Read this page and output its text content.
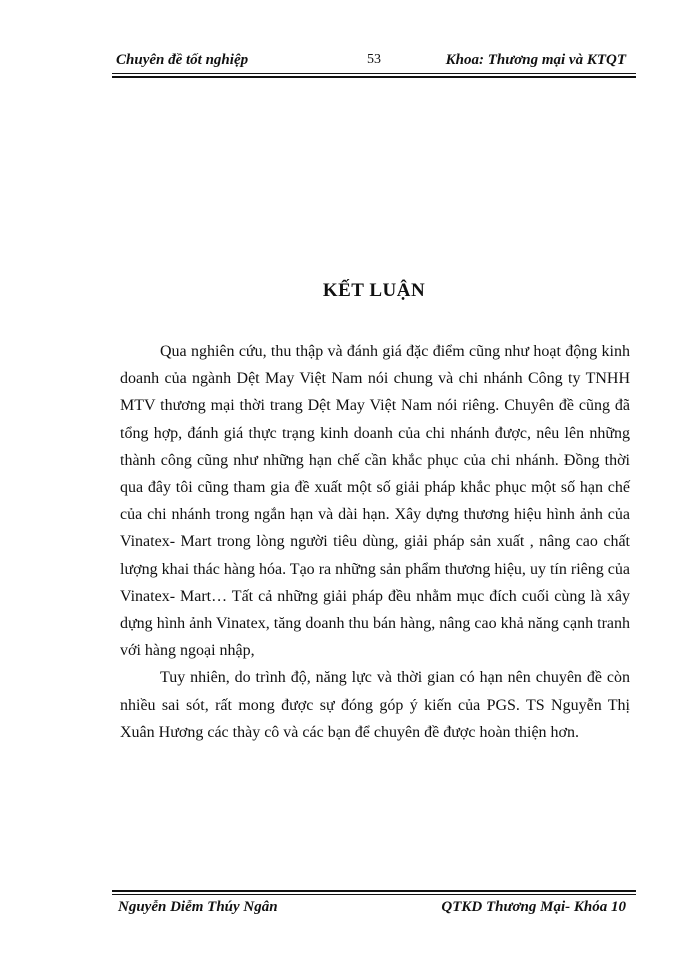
Chuyên đề tốt nghiệp	53	Khoa: Thương mại và KTQT
KẾT LUẬN

Qua nghiên cứu, thu thập và đánh giá đặc điểm cũng như hoạt động kinh doanh của ngành Dệt May Việt Nam nói chung và chi nhánh Công ty TNHH MTV thương mại thời trang Dệt May Việt Nam nói riêng. Chuyên đề cũng đã tổng hợp, đánh giá thực trạng kinh doanh của chi nhánh được, nêu lên những thành công cũng như những hạn chế cần khắc phục của chi nhánh. Đồng thời qua đây tôi cũng tham gia đề xuất một số giải pháp khắc phục một số hạn chế của chi nhánh trong ngắn hạn và dài hạn. Xây dựng thương hiệu hình ảnh của Vinatex- Mart trong lòng người tiêu dùng, giải pháp sản xuất , nâng cao chất lượng khai thác hàng hóa. Tạo ra những sản phẩm thương hiệu, uy tín riêng của Vinatex- Mart… Tất cả những giải pháp đều nhằm mục đích cuối cùng là xây dựng hình ảnh Vinatex, tăng doanh thu bán hàng, nâng cao khả năng cạnh tranh với hàng ngoại nhập,

Tuy nhiên, do trình độ, năng lực và thời gian có hạn nên chuyên đề còn nhiều sai sót, rất mong được sự đóng góp ý kiến của PGS. TS Nguyễn Thị Xuân Hương các thày cô và các bạn để chuyên đề được hoàn thiện hơn.

Nguyễn Diễm Thúy Ngân	QTKD Thương Mại- Khóa 10
